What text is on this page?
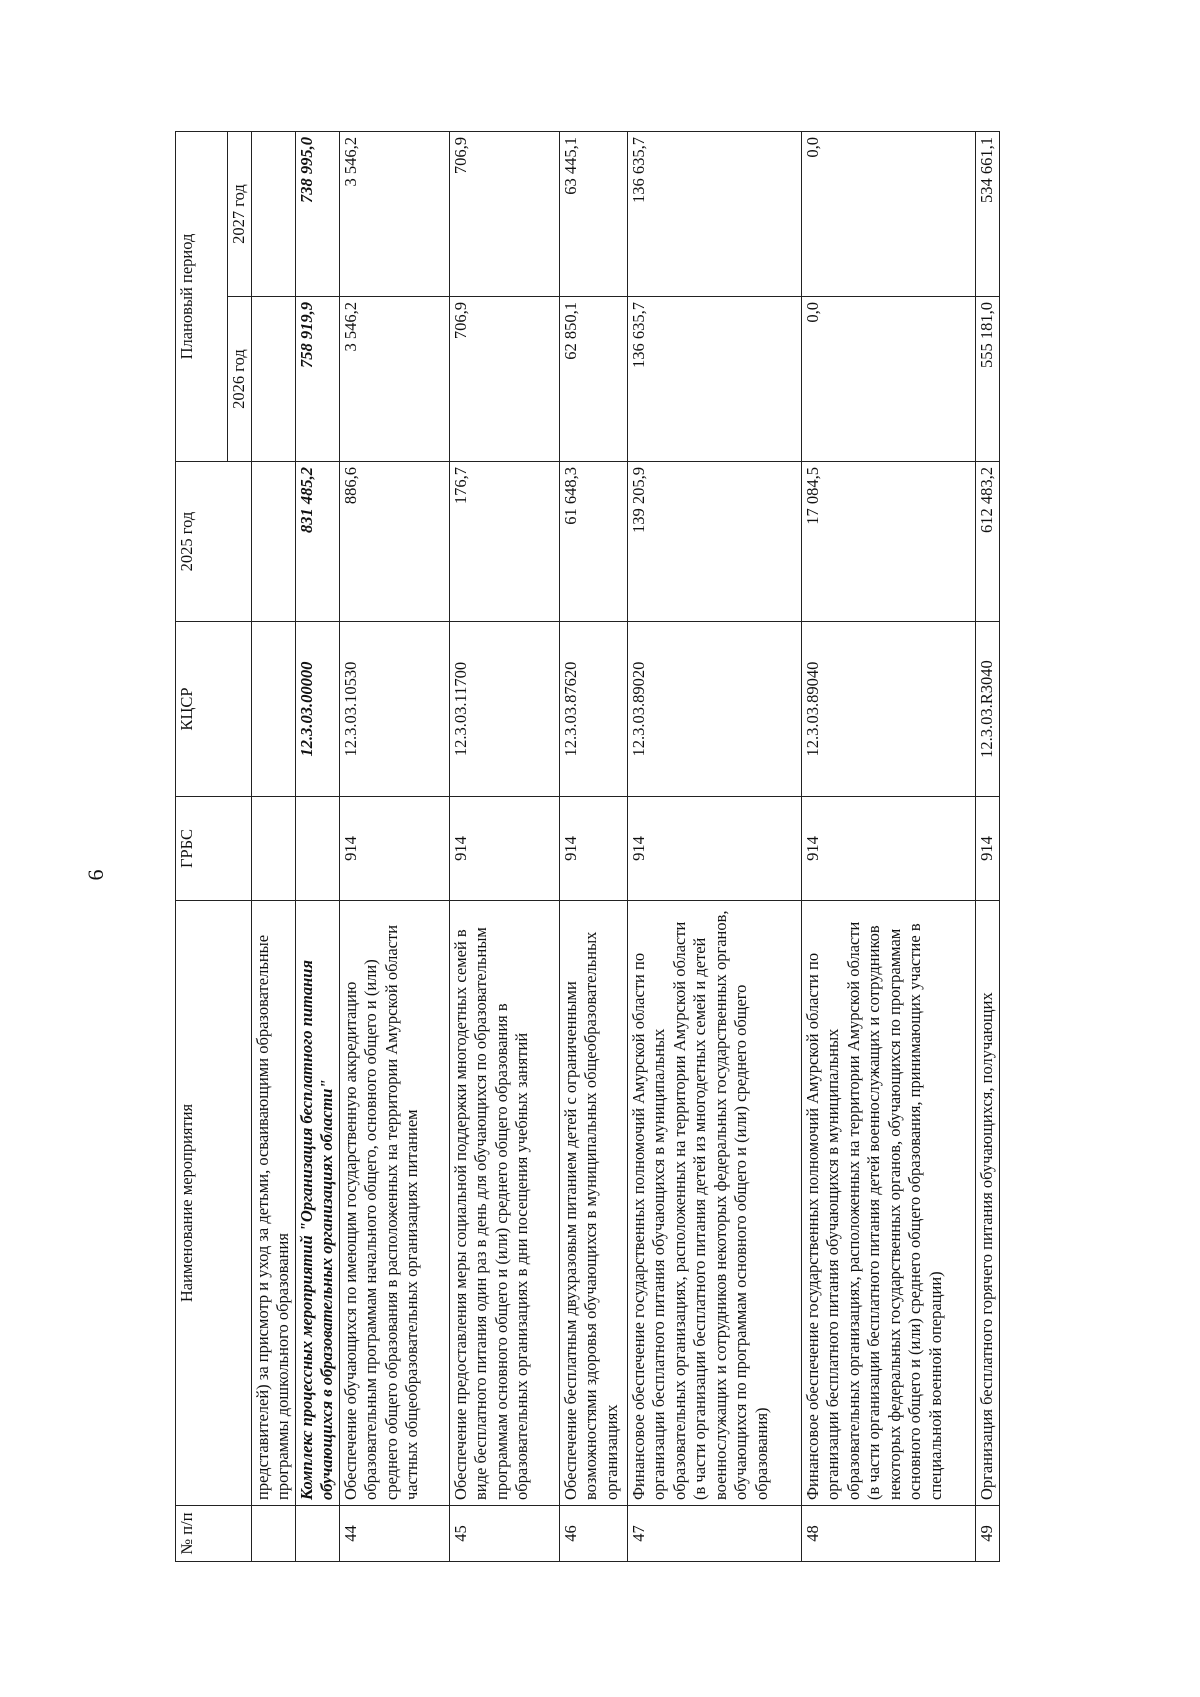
6
№ п/п	Наименование мероприятия	ГРБС	КЦСР	2025 год	Плановый период	
					2026 год	2027 год
	представителей) за присмотр и уход за детьми, осваивающими образовательные программы дошкольного образования					
	Комплекс процессных мероприятий "Организация бесплатного питания обучающихся в образовательных организациях области"		12.3.03.00000	831 485,2	758 919,9	738 995,0
44	Обеспечение обучающихся по имеющим государственную аккредитацию образовательным программам начального общего, основного общего и (или) среднего общего образования в расположенных на территории Амурской области частных общеобразовательных организациях питанием	914	12.3.03.10530	886,6	3 546,2	3 546,2
45	Обеспечение предоставления меры социальной поддержки многодетных семей в виде бесплатного питания один раз в день для обучающихся по образовательным программам основного общего и (или) среднего общего образования в образовательных организациях в дни посещения учебных занятий	914	12.3.03.11700	176,7	706,9	706,9
46	Обеспечение бесплатным двухразовым питанием детей с ограниченными возможностями здоровья обучающихся в муниципальных общеобразовательных организациях	914	12.3.03.87620	61 648,3	62 850,1	63 445,1
47	Финансовое обеспечение государственных полномочий Амурской области по организации бесплатного питания обучающихся в муниципальных образовательных организациях, расположенных на территории Амурской области (в части организации бесплатного питания детей из многодетных семей и детей военнослужащих и сотрудников некоторых федеральных государственных органов, обучающихся по программам основного общего и (или) среднего общего образования)	914	12.3.03.89020	139 205,9	136 635,7	136 635,7
48	Финансовое обеспечение государственных полномочий Амурской области по организации бесплатного питания обучающихся в муниципальных образовательных организациях, расположенных на территории Амурской области (в части организации бесплатного питания детей военнослужащих и сотрудников некоторых федеральных государственных органов, обучающихся по программам основного общего и (или) среднего общего образования, принимающих участие в специальной военной операции)	914	12.3.03.89040	17 084,5	0,0	0,0
49	Организация бесплатного горячего питания обучающихся, получающих	914	12.3.03.R3040	612 483,2	555 181,0	534 661,1
